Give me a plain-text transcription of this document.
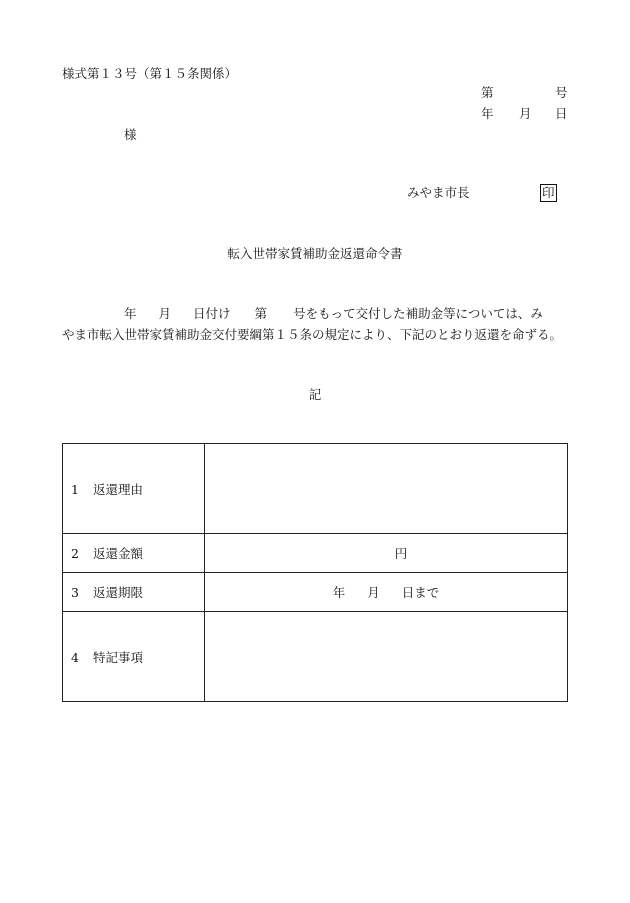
様式第１３号（第１５条関係）
第	号
年 月 日
様
みやま市長	印
転入世帯家賃補助金返還命令書
年 月 日付け 第 号をもって交付した補助金等については、み
やま市転入世帯家賃補助金交付要綱第１５条の規定により、下記のとおり返還を命ずる。
記
1 返還理由	
2 返還金額	円
3 返還期限	年 月 日まで
4 特記事項	
